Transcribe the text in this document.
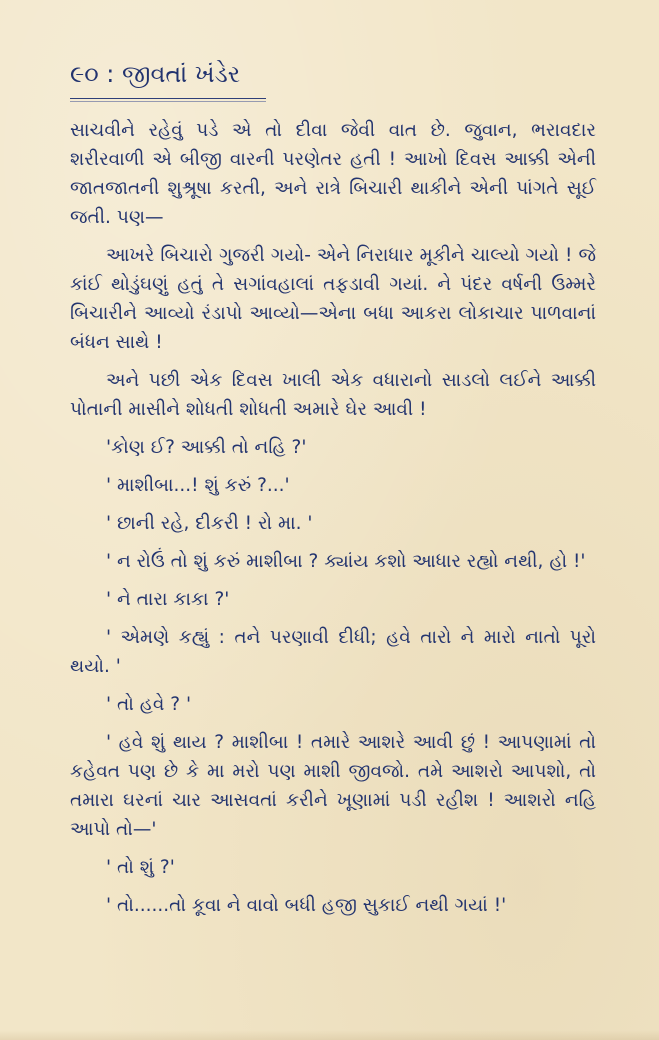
૯૦ : જીવતાં ખંડેર

સાચવીને રહેવું પડે એ તો દીવા જેવી વાત છે. જુવાન, ભરાવદાર શરીરવાળી એ બીજી વારની પરણેતર હતી ! આખો દિવસ આક્કી એની જાતજાતની શુશ્રૂષા કરતી, અને રાત્રે બિચારી થાકીને એની પાંગતે સૂઈ જતી. પણ—

આખરે બિચારો ગુજરી ગયો- એને નિરાધાર મૂકીને ચાલ્યો ગયો ! જે કાંઈ થોડુંઘણું હતું તે સગાંવહાલાં તફડાવી ગયાં. ને પંદર વર્ષની ઉમ્મરે બિચારીને આવ્યો રંડાપો આવ્યો—એના બધા આકરા લોકાચાર પાળવાનાં બંધન સાથે !

અને પછી એક દિવસ ખાલી એક વધારાનો સાડલો લઈને આક્કી પોતાની માસીને શોધતી શોધતી અમારે ઘેર આવી !

'કોણ ઈ? આક્કી તો નહિ ?'

' માશીબા...! શું કરું ?...'

' છાની રહે, દીકરી ! રો મા. '

' ન રોઉં તો શું કરું માશીબા ? ક્યાંય કશો આધાર રહ્યો નથી, હો !'

' ને તારા કાકા ?'

' એમણે કહ્યું : તને પરણાવી દીધી; હવે તારો ને મારો નાતો પૂરો થયો. '

' તો હવે ? '

' હવે શું થાય ? માશીબા ! તમારે આશરે આવી છું ! આપણામાં તો કહેવત પણ છે કે મા મરો પણ માશી જીવજો. તમે આશરો આપશો, તો તમારા ઘરનાં ચાર આસવતાં કરીને ખૂણામાં પડી રહીશ ! આશરો નહિ આપો તો—'

' તો શું ?'

' તો......તો કૂવા ને વાવો બધી હજી સુકાઈ નથી ગયાં !'
